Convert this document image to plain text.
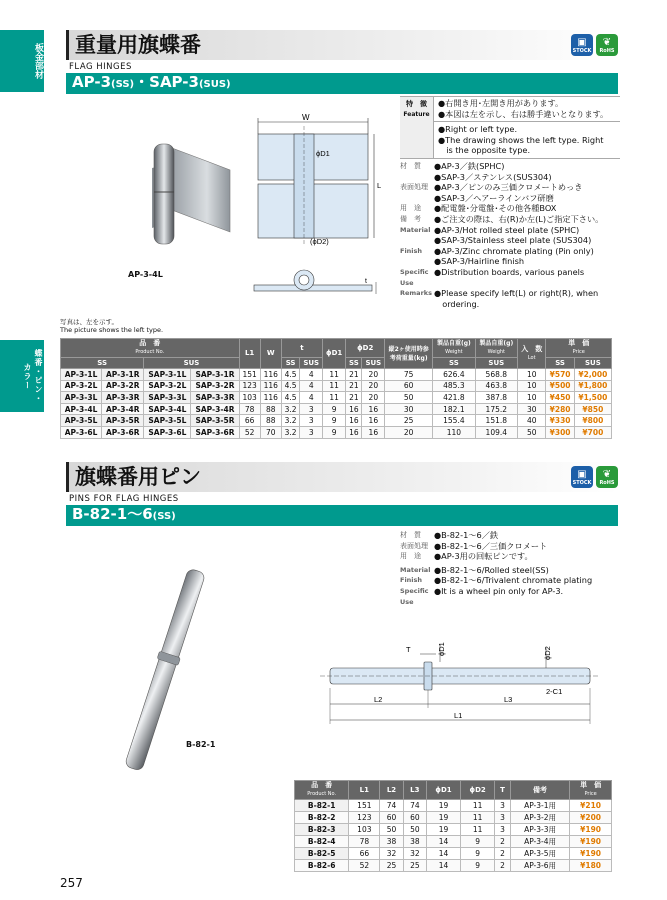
板金部材
蝶番・ピン・カラー
重量用旗蝶番	▣
STOCK
❦
RoHS
FLAG HINGES
AP-3(SS)・SAP-3(SUS)
AP-3-4L
W
ϕD1
L
(ϕD2)
t
特　徴
Feature
●右開き用･左開き用があります。
●本図は左を示し、右は勝手違いとなります。
●Right or left type.
●The drawing shows the left type. Right
　is the opposite type.
材　質	●AP-3／鉄(SPHC)
●SAP-3／ステンレス(SUS304)
表面処理 ●AP-3／ピンのみ三価クロメートめっき
●SAP-3／ヘアーラインバフ研磨
用　途	●配電盤･分電盤･その他各種BOX
備　考	●ご注文の際は、右(R)か左(L)ご指定下さい。
Material ●AP-3/Hot rolled steel plate (SPHC)
●SAP-3/Stainless steel plate (SUS304)
Finish	●AP-3/Zinc chromate plating (Pin only)
●SAP-3/Hairline finish
Specific Use
●Distribution boards, various panels
Remarks ●Please specify left(L) or right(R), when
　ordering.
写真は、左を示す。
The picture shows the left type.
品　番
Product No.				L1	W	t		ϕD1	ϕD2		縦2ヶ使用時参考荷重量(kg)	製品自重(g)
Weight	製品自重(g)
Weight	入　数
Lot	単　価
Price	

SS		SUS				SS	SUS		SS	SUS		SS	SUS		SS	SUS
AP-3-1L	AP-3-1R	SAP-3-1L	SAP-3-1R	151	116	4.5	4	11	21	20	75	626.4	568.8	10	¥570	¥2,000
AP-3-2L	AP-3-2R	SAP-3-2L	SAP-3-2R	123	116	4.5	4	11	21	20	60	485.3	463.8	10	¥500	¥1,800
AP-3-3L	AP-3-3R	SAP-3-3L	SAP-3-3R	103	116	4.5	4	11	21	20	50	421.8	387.8	10	¥450	¥1,500
AP-3-4L	AP-3-4R	SAP-3-4L	SAP-3-4R	78	88	3.2	3	9	16	16	30	182.1	175.2	30	¥280	¥850
AP-3-5L	AP-3-5R	SAP-3-5L	SAP-3-5R	66	88	3.2	3	9	16	16	25	155.4	151.8	40	¥330	¥800
AP-3-6L	AP-3-6R	SAP-3-6L	SAP-3-6R	52	70	3.2	3	9	16	16	20	110	109.4	50	¥300	¥700
旗蝶番用ピン	▣
STOCK
❦
RoHS
PINS FOR FLAG HINGES
B-82-1～6(SS)
B-82-1
材　質	●B-82-1～6／鉄
表面処理 ●B-82-1～6／三価クロメート
用　途	●AP-3用の回転ピンです。
Material ●B-82-1～6/Rolled steel(SS)
Finish	●B-82-1～6/Trivalent chromate plating
Specific Use
●It is a wheel pin only for AP-3.
T	ϕD1	ϕD2
2-C1
L2	L3
L1
品　番
Product No.	L1	L2	L3	ϕD1	ϕD2	T	備考	単　価
Price

B-82-1	151	74	74	19	11	3	AP-3-1用	¥210
B-82-2	123	60	60	19	11	3	AP-3-2用	¥200
B-82-3	103	50	50	19	11	3	AP-3-3用	¥190
B-82-4	78	38	38	14	9	2	AP-3-4用	¥190
B-82-5	66	32	32	14	9	2	AP-3-5用	¥190
B-82-6	52	25	25	14	9	2	AP-3-6用	¥180
257
